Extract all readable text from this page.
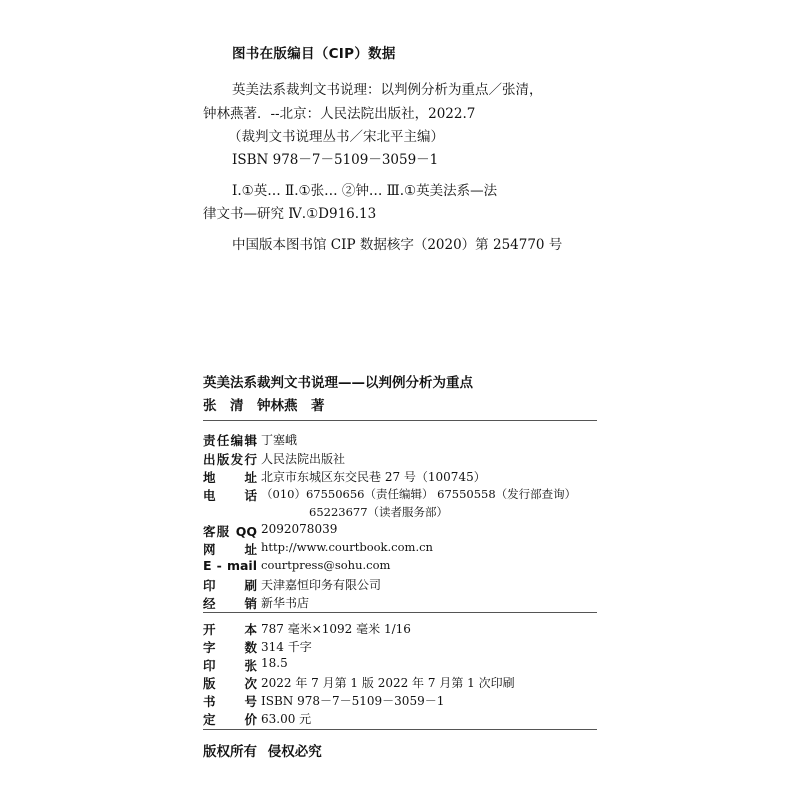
图书在版编目（CIP）数据
英美法系裁判文书说理：以判例分析为重点／张清，
钟林燕著．--北京：人民法院出版社，2022.7
（裁判文书说理丛书／宋北平主编）
ISBN 978－7－5109－3059－1
Ⅰ.①英… Ⅱ.①张… ②钟… Ⅲ.①英美法系—法
律文书—研究 Ⅳ.①D916.13
中国版本图书馆 CIP 数据核字（2020）第 254770 号
英美法系裁判文书说理——以判例分析为重点
张　清　钟林燕　著
责任编辑 丁塞峨
出版发行 人民法院出版社
地址 北京市东城区东交民巷 27 号（100745）
电话 （010）67550656（责任编辑） 67550558（发行部查询）
65223677（读者服务部）
客服 QQ 2092078039
网址 http://www.courtbook.com.cn
E - mail courtpress@sohu.com
印刷 天津嘉恒印务有限公司
经销 新华书店
开本 787 毫米×1092 毫米 1/16
字数 314 千字
印张 18.5
版次 2022 年 7 月第 1 版 2022 年 7 月第 1 次印刷
书号 ISBN 978－7－5109－3059－1
定价 63.00 元
版权所有 侵权必究
